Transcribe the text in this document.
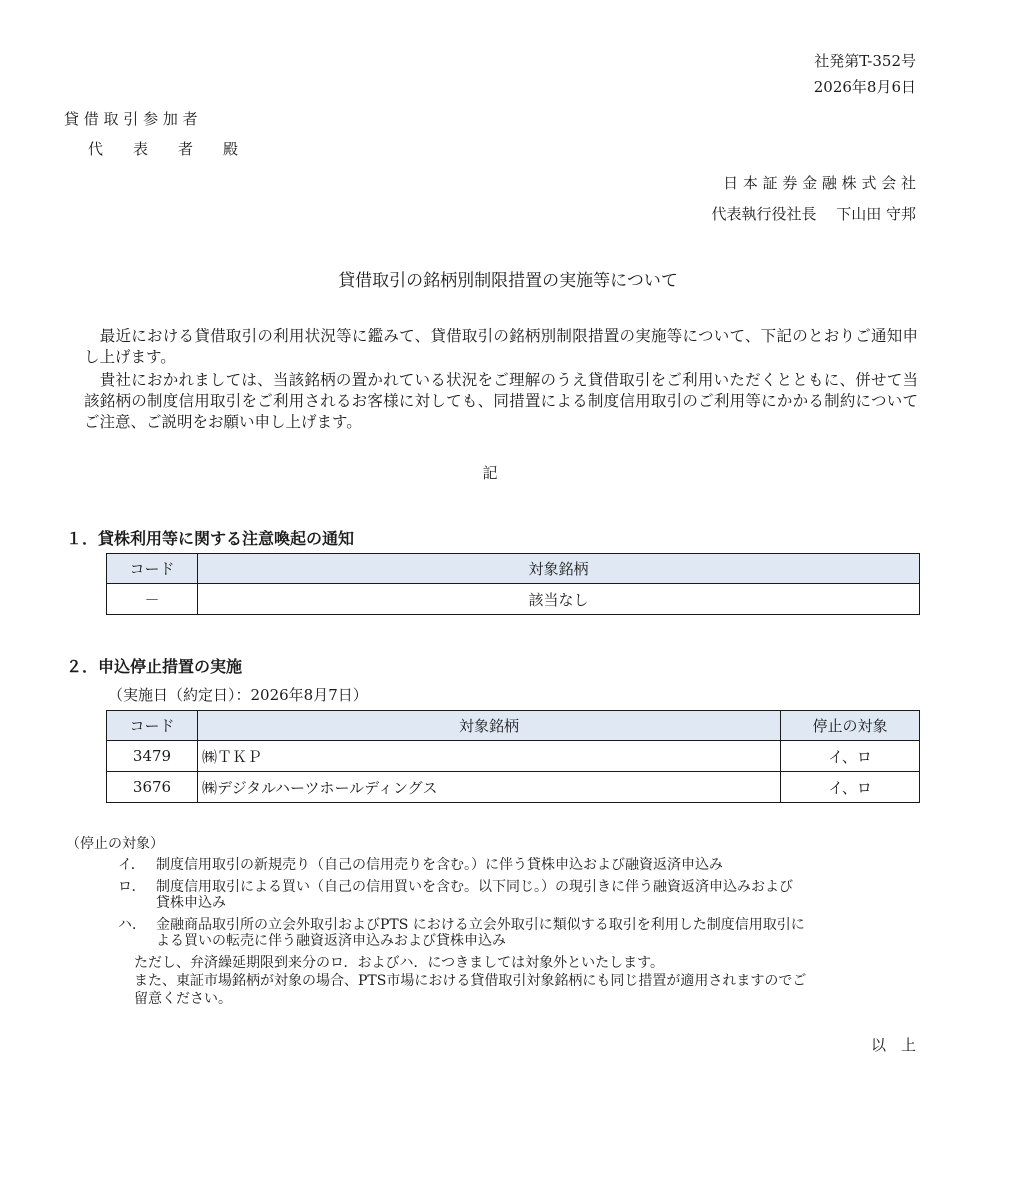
社発第T-352号
2026年8月6日
貸 借 取 引 参 加 者
代　　表　　者　　殿
日 本 証 券 金 融 株 式 会 社
代表執行役社長　 下山田 守邦
貸借取引の銘柄別制限措置の実施等について
　最近における貸借取引の利用状況等に鑑みて、貸借取引の銘柄別制限措置の実施等について、下記のとおりご通知申し上げます。
　貴社におかれましては、当該銘柄の置かれている状況をご理解のうえ貸借取引をご利用いただくとともに、併せて当該銘柄の制度信用取引をご利用されるお客様に対しても、同措置による制度信用取引のご利用等にかかる制約についてご注意、ご説明をお願い申し上げます。
記
１．貸株利用等に関する注意喚起の通知
コード	対象銘柄
－	該当なし
２．申込停止措置の実施
（実施日（約定日）：2026年8月7日）
コード	対象銘柄	停止の対象
3479	㈱ＴＫＰ	イ、ロ
3676	㈱デジタルハーツホールディングス	イ、ロ
（停止の対象）
イ． 制度信用取引の新規売り（自己の信用売りを含む。）に伴う貸株申込および融資返済申込み
ロ． 制度信用取引による買い（自己の信用買いを含む。以下同じ。）の現引きに伴う融資返済申込みおよび
貸株申込み
ハ． 金融商品取引所の立会外取引およびPTS における立会外取引に類似する取引を利用した制度信用取引に
よる買いの転売に伴う融資返済申込みおよび貸株申込み
ただし、弁済繰延期限到来分のロ．およびハ．につきましては対象外といたします。
また、東証市場銘柄が対象の場合、PTS市場における貸借取引対象銘柄にも同じ措置が適用されますのでご
留意ください。
以　上
